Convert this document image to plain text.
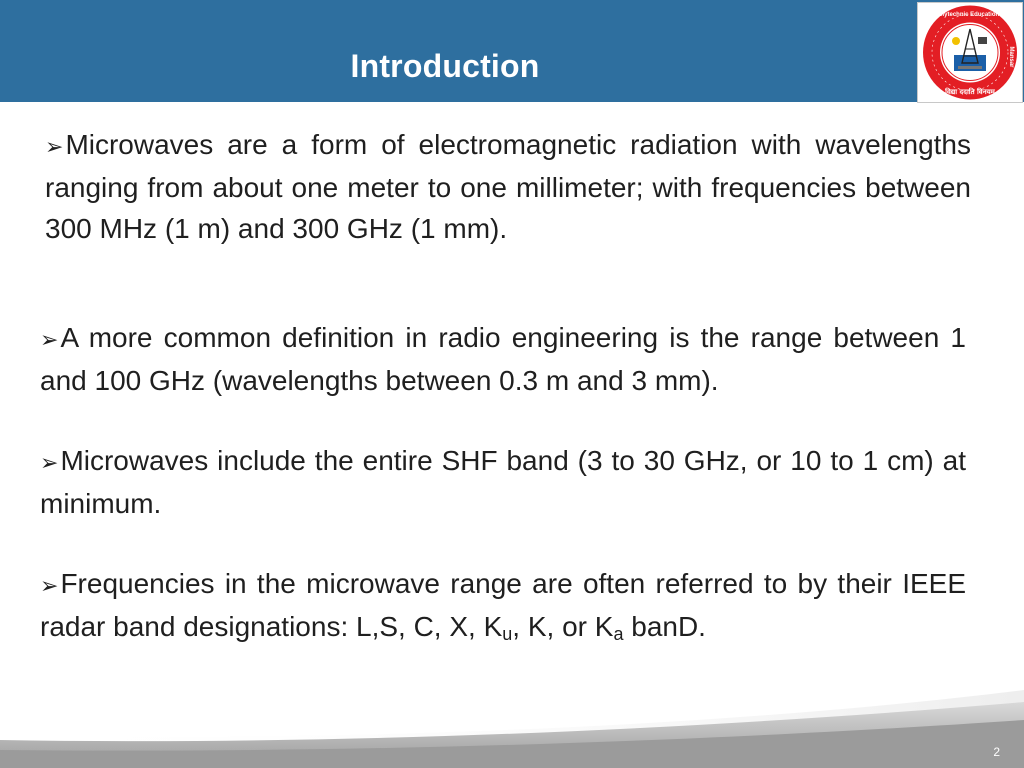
Introduction
Govt. Polytechnic Education Society
Mansar
विद्या ददाति विनयम्
➢Microwaves are a form of electromagnetic radiation with wavelengths ranging from about one meter to one millimeter; with frequencies between 300 MHz (1 m) and 300 GHz (1 mm).
➢A more common definition in radio engineering is the range between 1 and 100 GHz (wavelengths between 0.3 m and 3 mm).
➢Microwaves include the entire SHF band (3 to 30 GHz, or 10 to 1 cm) at minimum.
➢Frequencies in the microwave range are often referred to by their IEEE radar band designations: L,S, C, X, $K_u$, K, or $K_a$ banD.
2
